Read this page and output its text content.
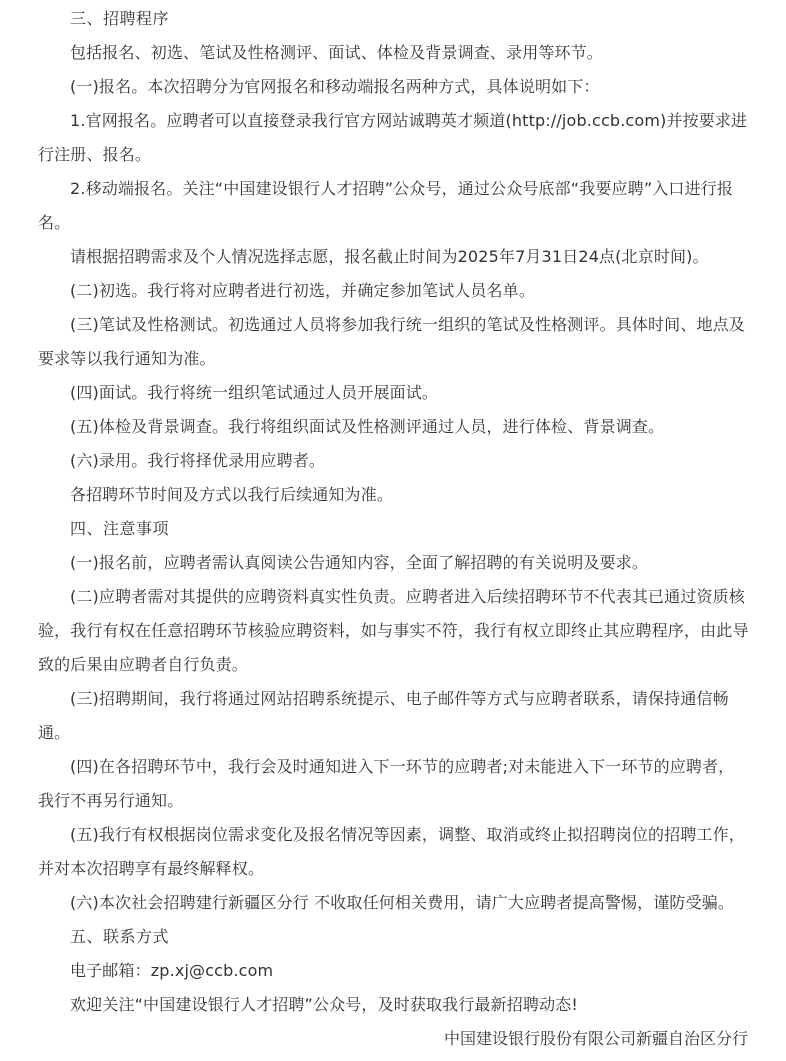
三、招聘程序

包括报名、初选、笔试及性格测评、面试、体检及背景调查、录用等环节。

(一)报名。本次招聘分为官网报名和移动端报名两种方式，具体说明如下：

1.官网报名。应聘者可以直接登录我行官方网站诚聘英才频道(http://job.ccb.com)并按要求进行注册、报名。

2.移动端报名。关注“中国建设银行人才招聘”公众号，通过公众号底部“我要应聘”入口进行报名。

请根据招聘需求及个人情况选择志愿，报名截止时间为2025年7月31日24点(北京时间)。

(二)初选。我行将对应聘者进行初选，并确定参加笔试人员名单。

(三)笔试及性格测试。初选通过人员将参加我行统一组织的笔试及性格测评。具体时间、地点及要求等以我行通知为准。

(四)面试。我行将统一组织笔试通过人员开展面试。

(五)体检及背景调查。我行将组织面试及性格测评通过人员，进行体检、背景调查。

(六)录用。我行将择优录用应聘者。

各招聘环节时间及方式以我行后续通知为准。

四、注意事项

(一)报名前，应聘者需认真阅读公告通知内容，全面了解招聘的有关说明及要求。

(二)应聘者需对其提供的应聘资料真实性负责。应聘者进入后续招聘环节不代表其已通过资质核验，我行有权在任意招聘环节核验应聘资料，如与事实不符，我行有权立即终止其应聘程序，由此导致的后果由应聘者自行负责。

(三)招聘期间，我行将通过网站招聘系统提示、电子邮件等方式与应聘者联系，请保持通信畅通。

(四)在各招聘环节中，我行会及时通知进入下一环节的应聘者;对未能进入下一环节的应聘者，我行不再另行通知。

(五)我行有权根据岗位需求变化及报名情况等因素，调整、取消或终止拟招聘岗位的招聘工作，并对本次招聘享有最终解释权。

(六)本次社会招聘建行新疆区分行 不收取任何相关费用，请广大应聘者提高警惕，谨防受骗。

五、联系方式

电子邮箱：zp.xj@ccb.com

欢迎关注“中国建设银行人才招聘”公众号，及时获取我行最新招聘动态!

中国建设银行股份有限公司新疆自治区分行
